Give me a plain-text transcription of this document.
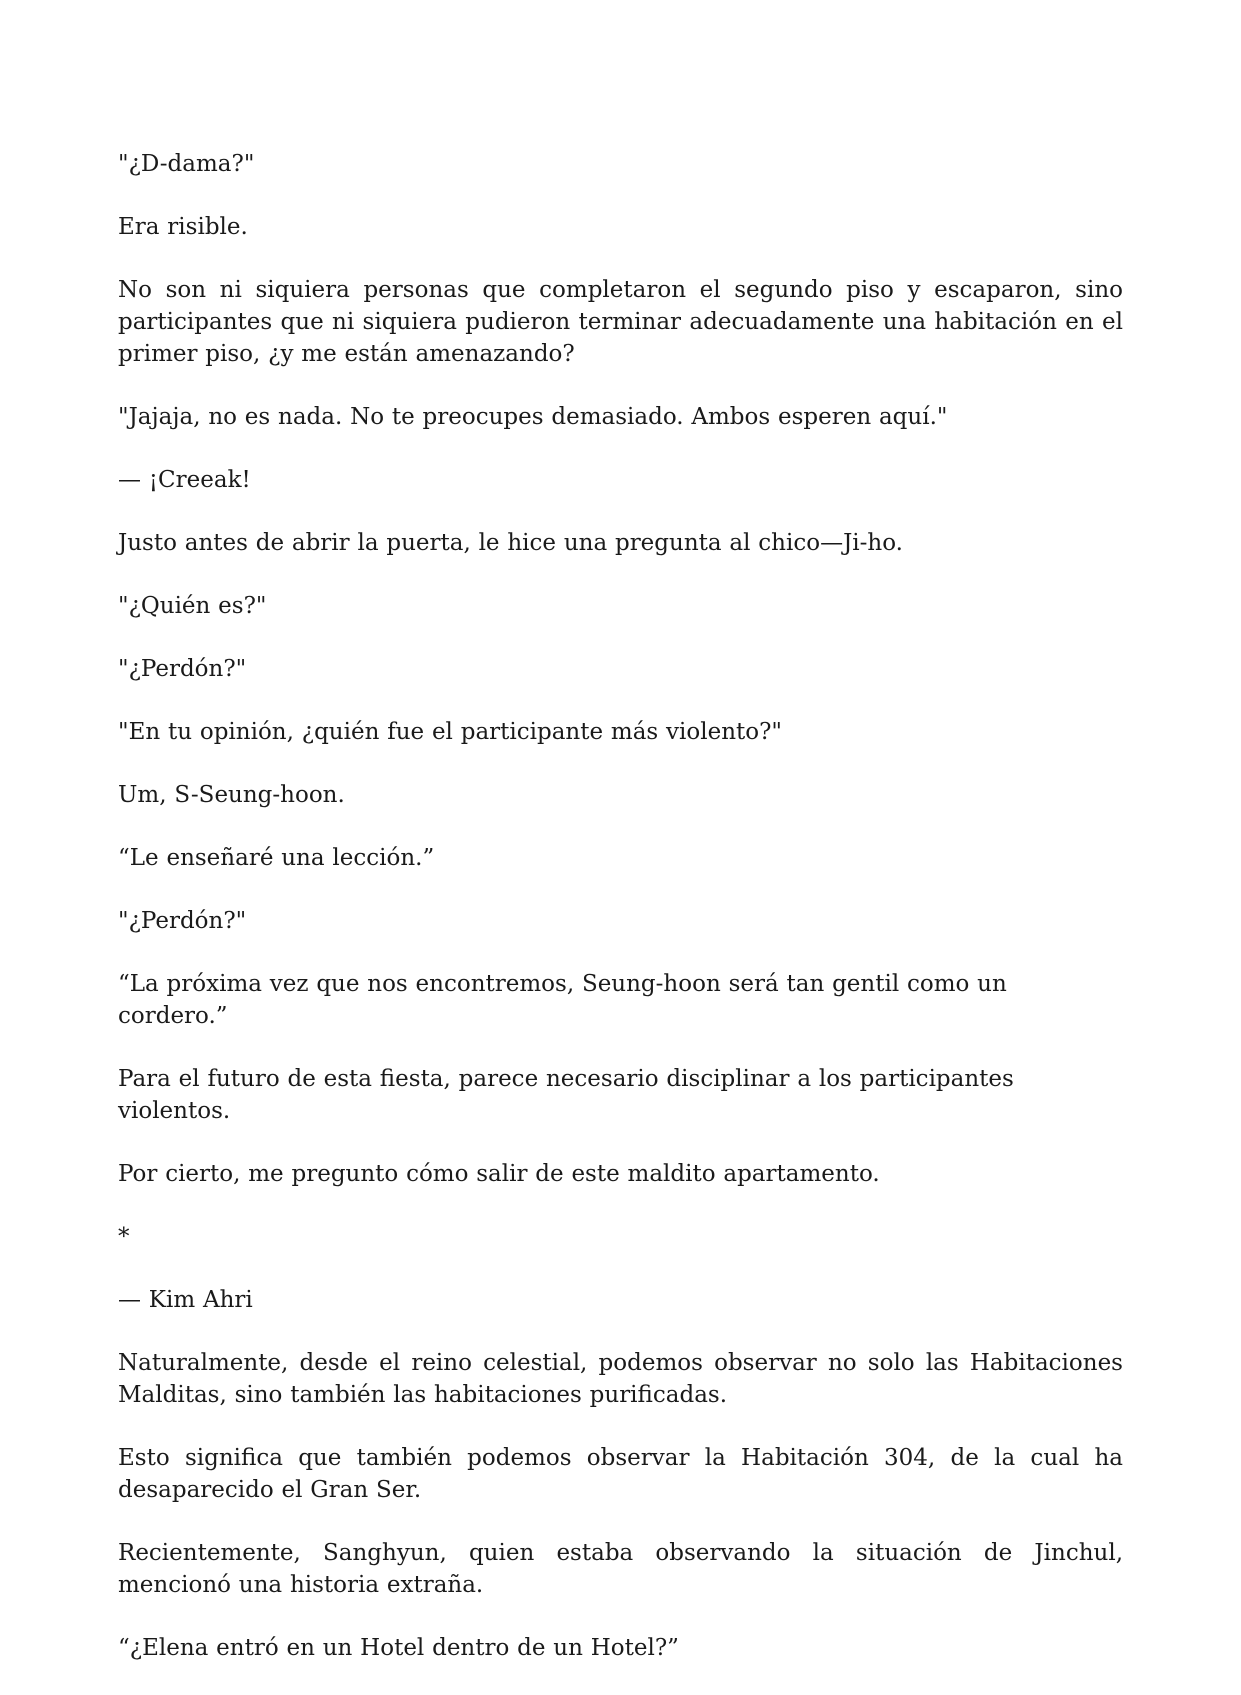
"¿D-dama?"

Era risible.

No son ni siquiera personas que completaron el segundo piso y escaparon, sino participantes que ni siquiera pudieron terminar adecuadamente una habitación en el primer piso, ¿y me están amenazando?

"Jajaja, no es nada. No te preocupes demasiado. Ambos esperen aquí."

— ¡Creeak!

Justo antes de abrir la puerta, le hice una pregunta al chico—Ji-ho.

"¿Quién es?"

"¿Perdón?"

"En tu opinión, ¿quién fue el participante más violento?"

Um, S-Seung-hoon.

“Le enseñaré una lección.”

"¿Perdón?"

“La próxima vez que nos encontremos, Seung-hoon será tan gentil como un cordero.”

Para el futuro de esta fiesta, parece necesario disciplinar a los participantes violentos.

Por cierto, me pregunto cómo salir de este maldito apartamento.

*

— Kim Ahri

Naturalmente, desde el reino celestial, podemos observar no solo las Habitaciones Malditas, sino también las habitaciones purificadas.

Esto significa que también podemos observar la Habitación 304, de la cual ha desaparecido el Gran Ser.

Recientemente, Sanghyun, quien estaba observando la situación de Jinchul, mencionó una historia extraña.

“¿Elena entró en un Hotel dentro de un Hotel?”
